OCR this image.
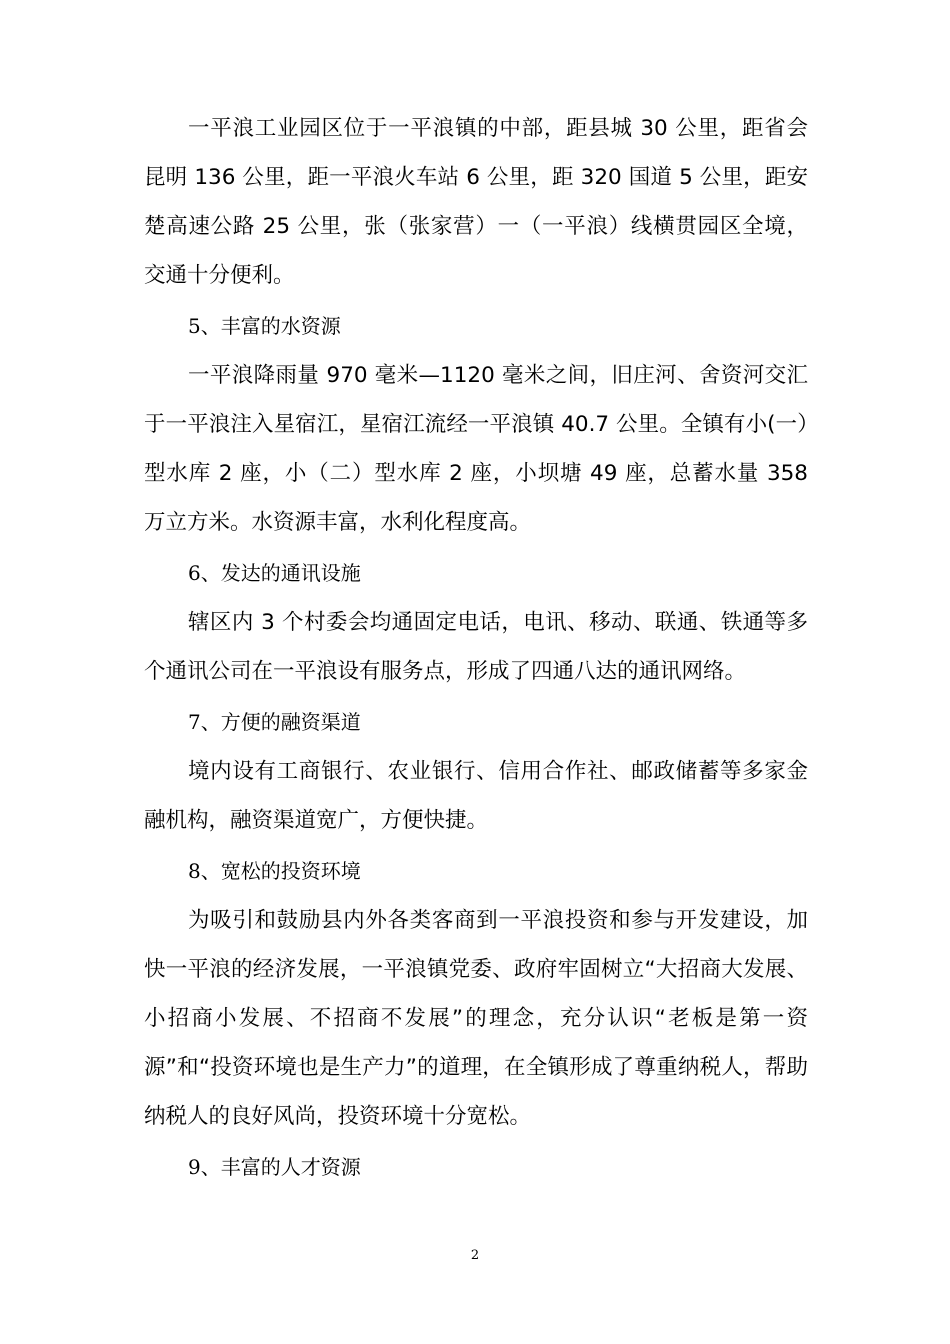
一平浪工业园区位于一平浪镇的中部，距县城 30 公里，距省会昆明 136 公里，距一平浪火车站 6 公里，距 320 国道 5 公里，距安楚高速公路 25 公里，张（张家营）一（一平浪）线横贯园区全境，交通十分便利。

5、丰富的水资源

一平浪降雨量 970 毫米—1120 毫米之间，旧庄河、舍资河交汇于一平浪注入星宿江，星宿江流经一平浪镇 40.7 公里。全镇有小(一）型水库 2 座，小（二）型水库 2 座，小坝塘 49 座，总蓄水量 358 万立方米。水资源丰富，水利化程度高。

6、发达的通讯设施

辖区内 3 个村委会均通固定电话，电讯、移动、联通、铁通等多个通讯公司在一平浪设有服务点，形成了四通八达的通讯网络。

7、方便的融资渠道

境内设有工商银行、农业银行、信用合作社、邮政储蓄等多家金融机构，融资渠道宽广，方便快捷。

8、宽松的投资环境

为吸引和鼓励县内外各类客商到一平浪投资和参与开发建设，加快一平浪的经济发展，一平浪镇党委、政府牢固树立“大招商大发展、小招商小发展、不招商不发展”的理念，充分认识“老板是第一资源”和“投资环境也是生产力”的道理，在全镇形成了尊重纳税人，帮助纳税人的良好风尚，投资环境十分宽松。

9、丰富的人才资源

2
